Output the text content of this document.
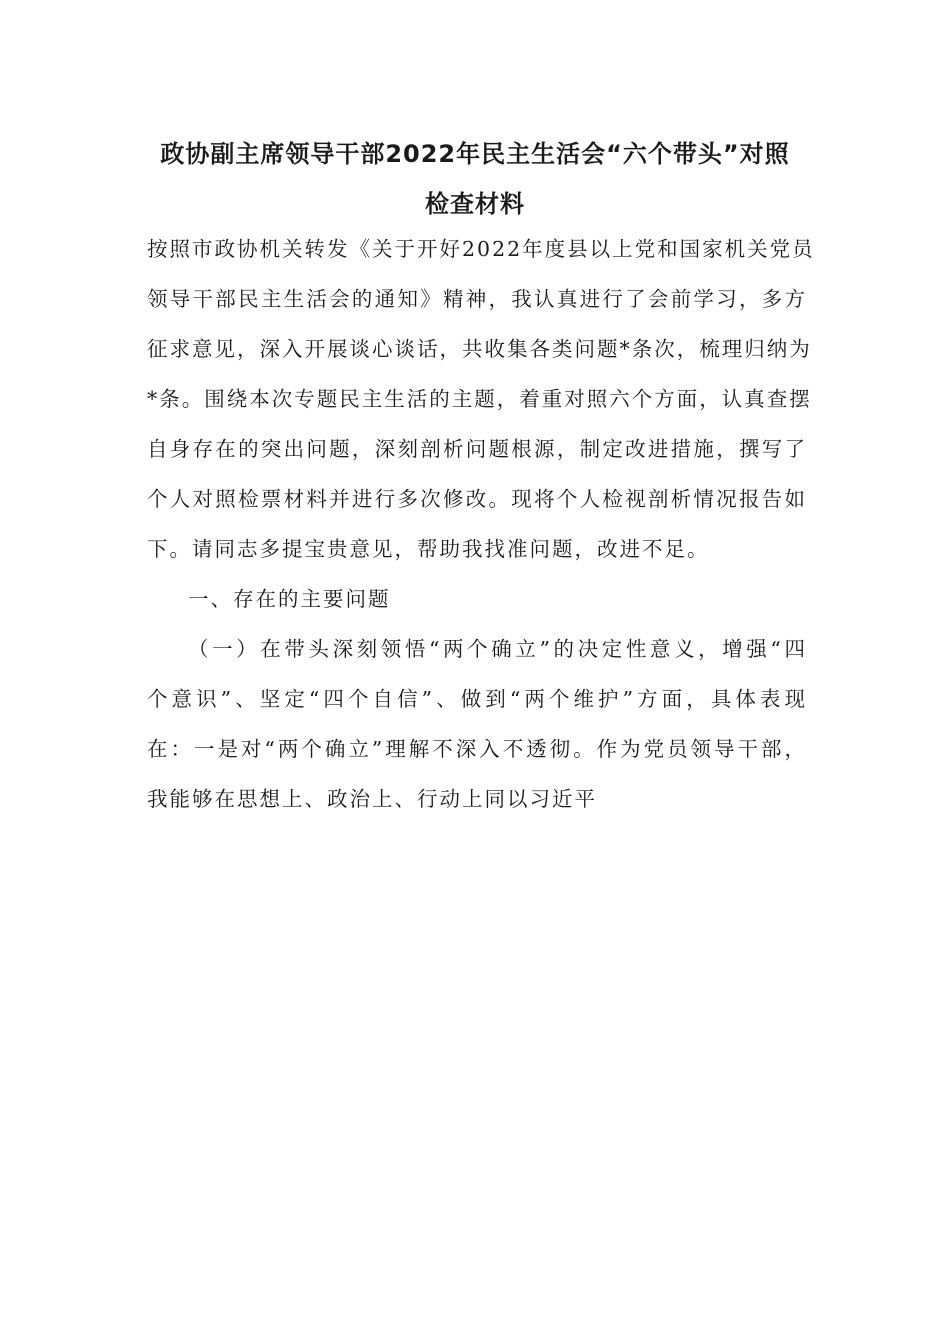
政协副主席领导干部2022年民主生活会“六个带头”对照
检查材料
按照市政协机关转发《关于开好2022年度县以上党和国家机关党员
领导干部民主生活会的通知》精神，我认真进行了会前学习，多方
征求意见，深入开展谈心谈话，共收集各类问题*条次，梳理归纳为
*条。围绕本次专题民主生活的主题，着重对照六个方面，认真查摆
自身存在的突出问题，深刻剖析问题根源，制定改进措施，撰写了
个人对照检票材料并进行多次修改。现将个人检视剖析情况报告如
下。请同志多提宝贵意见，帮助我找准问题，改进不足。
一、存在的主要问题
（一）在带头深刻领悟“两个确立”的决定性意义，增强“四
个意识”、坚定“四个自信”、做到“两个维护”方面，具体表现
在：一是对“两个确立”理解不深入不透彻。作为党员领导干部，
我能够在思想上、政治上、行动上同以习近平
